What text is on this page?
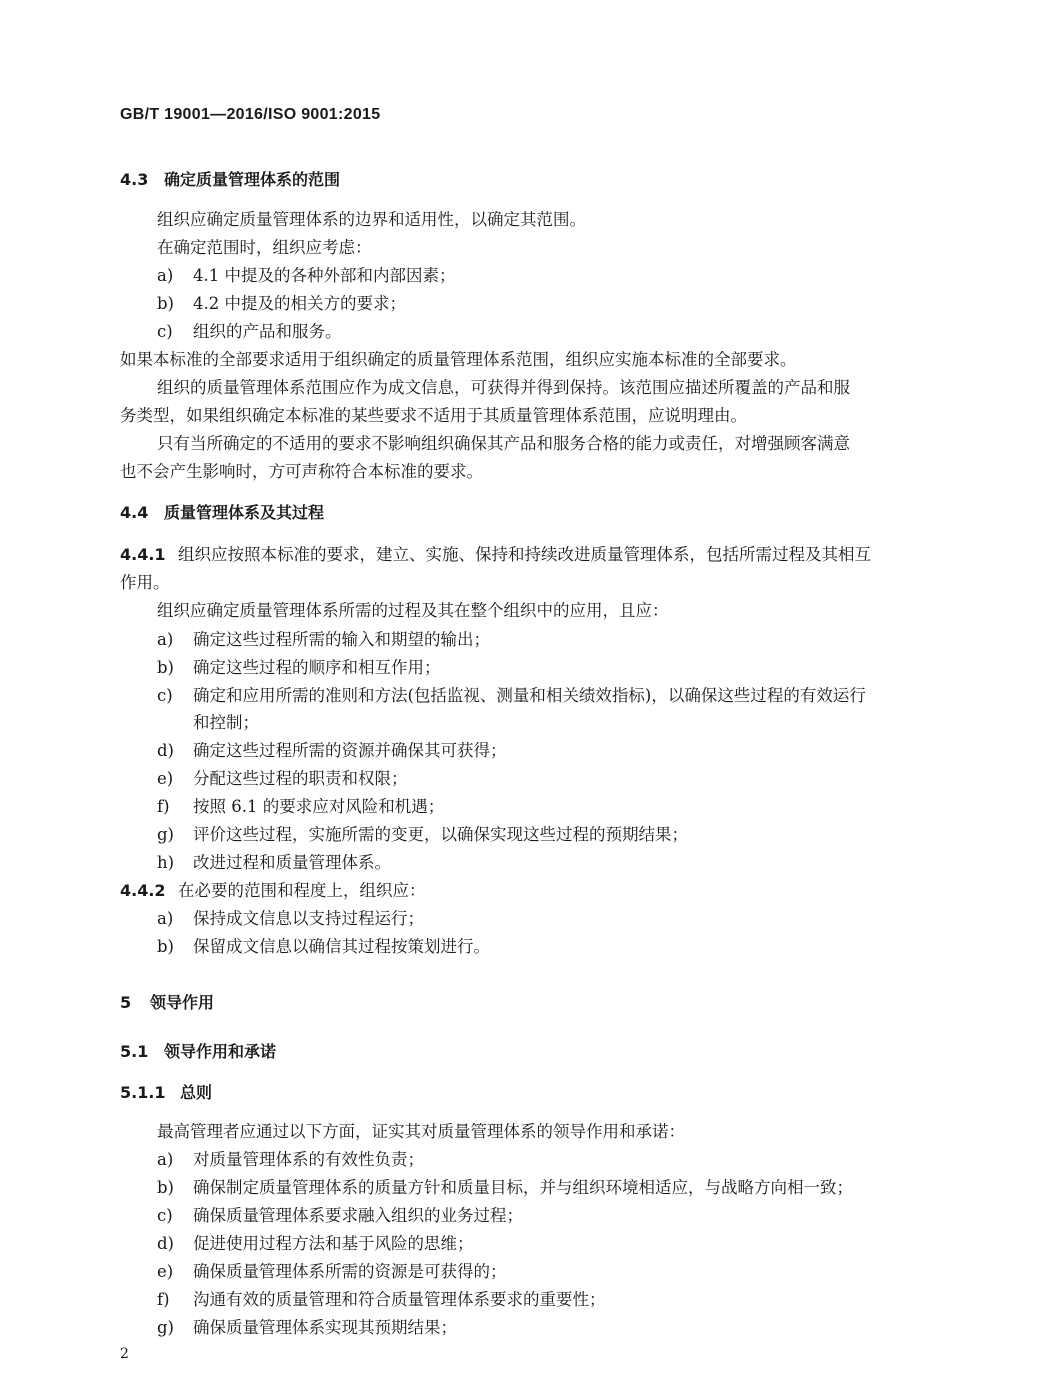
GB/T 19001—2016/ISO 9001:2015
4.3 确定质量管理体系的范围
组织应确定质量管理体系的边界和适用性，以确定其范围。
在确定范围时，组织应考虑：
a) 4.1 中提及的各种外部和内部因素；
b) 4.2 中提及的相关方的要求；
c) 组织的产品和服务。
如果本标准的全部要求适用于组织确定的质量管理体系范围，组织应实施本标准的全部要求。
组织的质量管理体系范围应作为成文信息，可获得并得到保持。该范围应描述所覆盖的产品和服
务类型，如果组织确定本标准的某些要求不适用于其质量管理体系范围，应说明理由。
只有当所确定的不适用的要求不影响组织确保其产品和服务合格的能力或责任，对增强顾客满意
也不会产生影响时，方可声称符合本标准的要求。
4.4 质量管理体系及其过程
4.4.1 组织应按照本标准的要求，建立、实施、保持和持续改进质量管理体系，包括所需过程及其相互
作用。
组织应确定质量管理体系所需的过程及其在整个组织中的应用，且应：
a) 确定这些过程所需的输入和期望的输出；
b) 确定这些过程的顺序和相互作用；
c) 确定和应用所需的准则和方法(包括监视、测量和相关绩效指标)，以确保这些过程的有效运行
和控制；
d) 确定这些过程所需的资源并确保其可获得；
e) 分配这些过程的职责和权限；
f) 按照 6.1 的要求应对风险和机遇；
g) 评价这些过程，实施所需的变更，以确保实现这些过程的预期结果；
h) 改进过程和质量管理体系。
4.4.2 在必要的范围和程度上，组织应：
a) 保持成文信息以支持过程运行；
b) 保留成文信息以确信其过程按策划进行。
5 领导作用
5.1 领导作用和承诺
5.1.1 总则
最高管理者应通过以下方面，证实其对质量管理体系的领导作用和承诺：
a) 对质量管理体系的有效性负责；
b) 确保制定质量管理体系的质量方针和质量目标，并与组织环境相适应，与战略方向相一致；
c) 确保质量管理体系要求融入组织的业务过程；
d) 促进使用过程方法和基于风险的思维；
e) 确保质量管理体系所需的资源是可获得的；
f) 沟通有效的质量管理和符合质量管理体系要求的重要性；
g) 确保质量管理体系实现其预期结果；
2
